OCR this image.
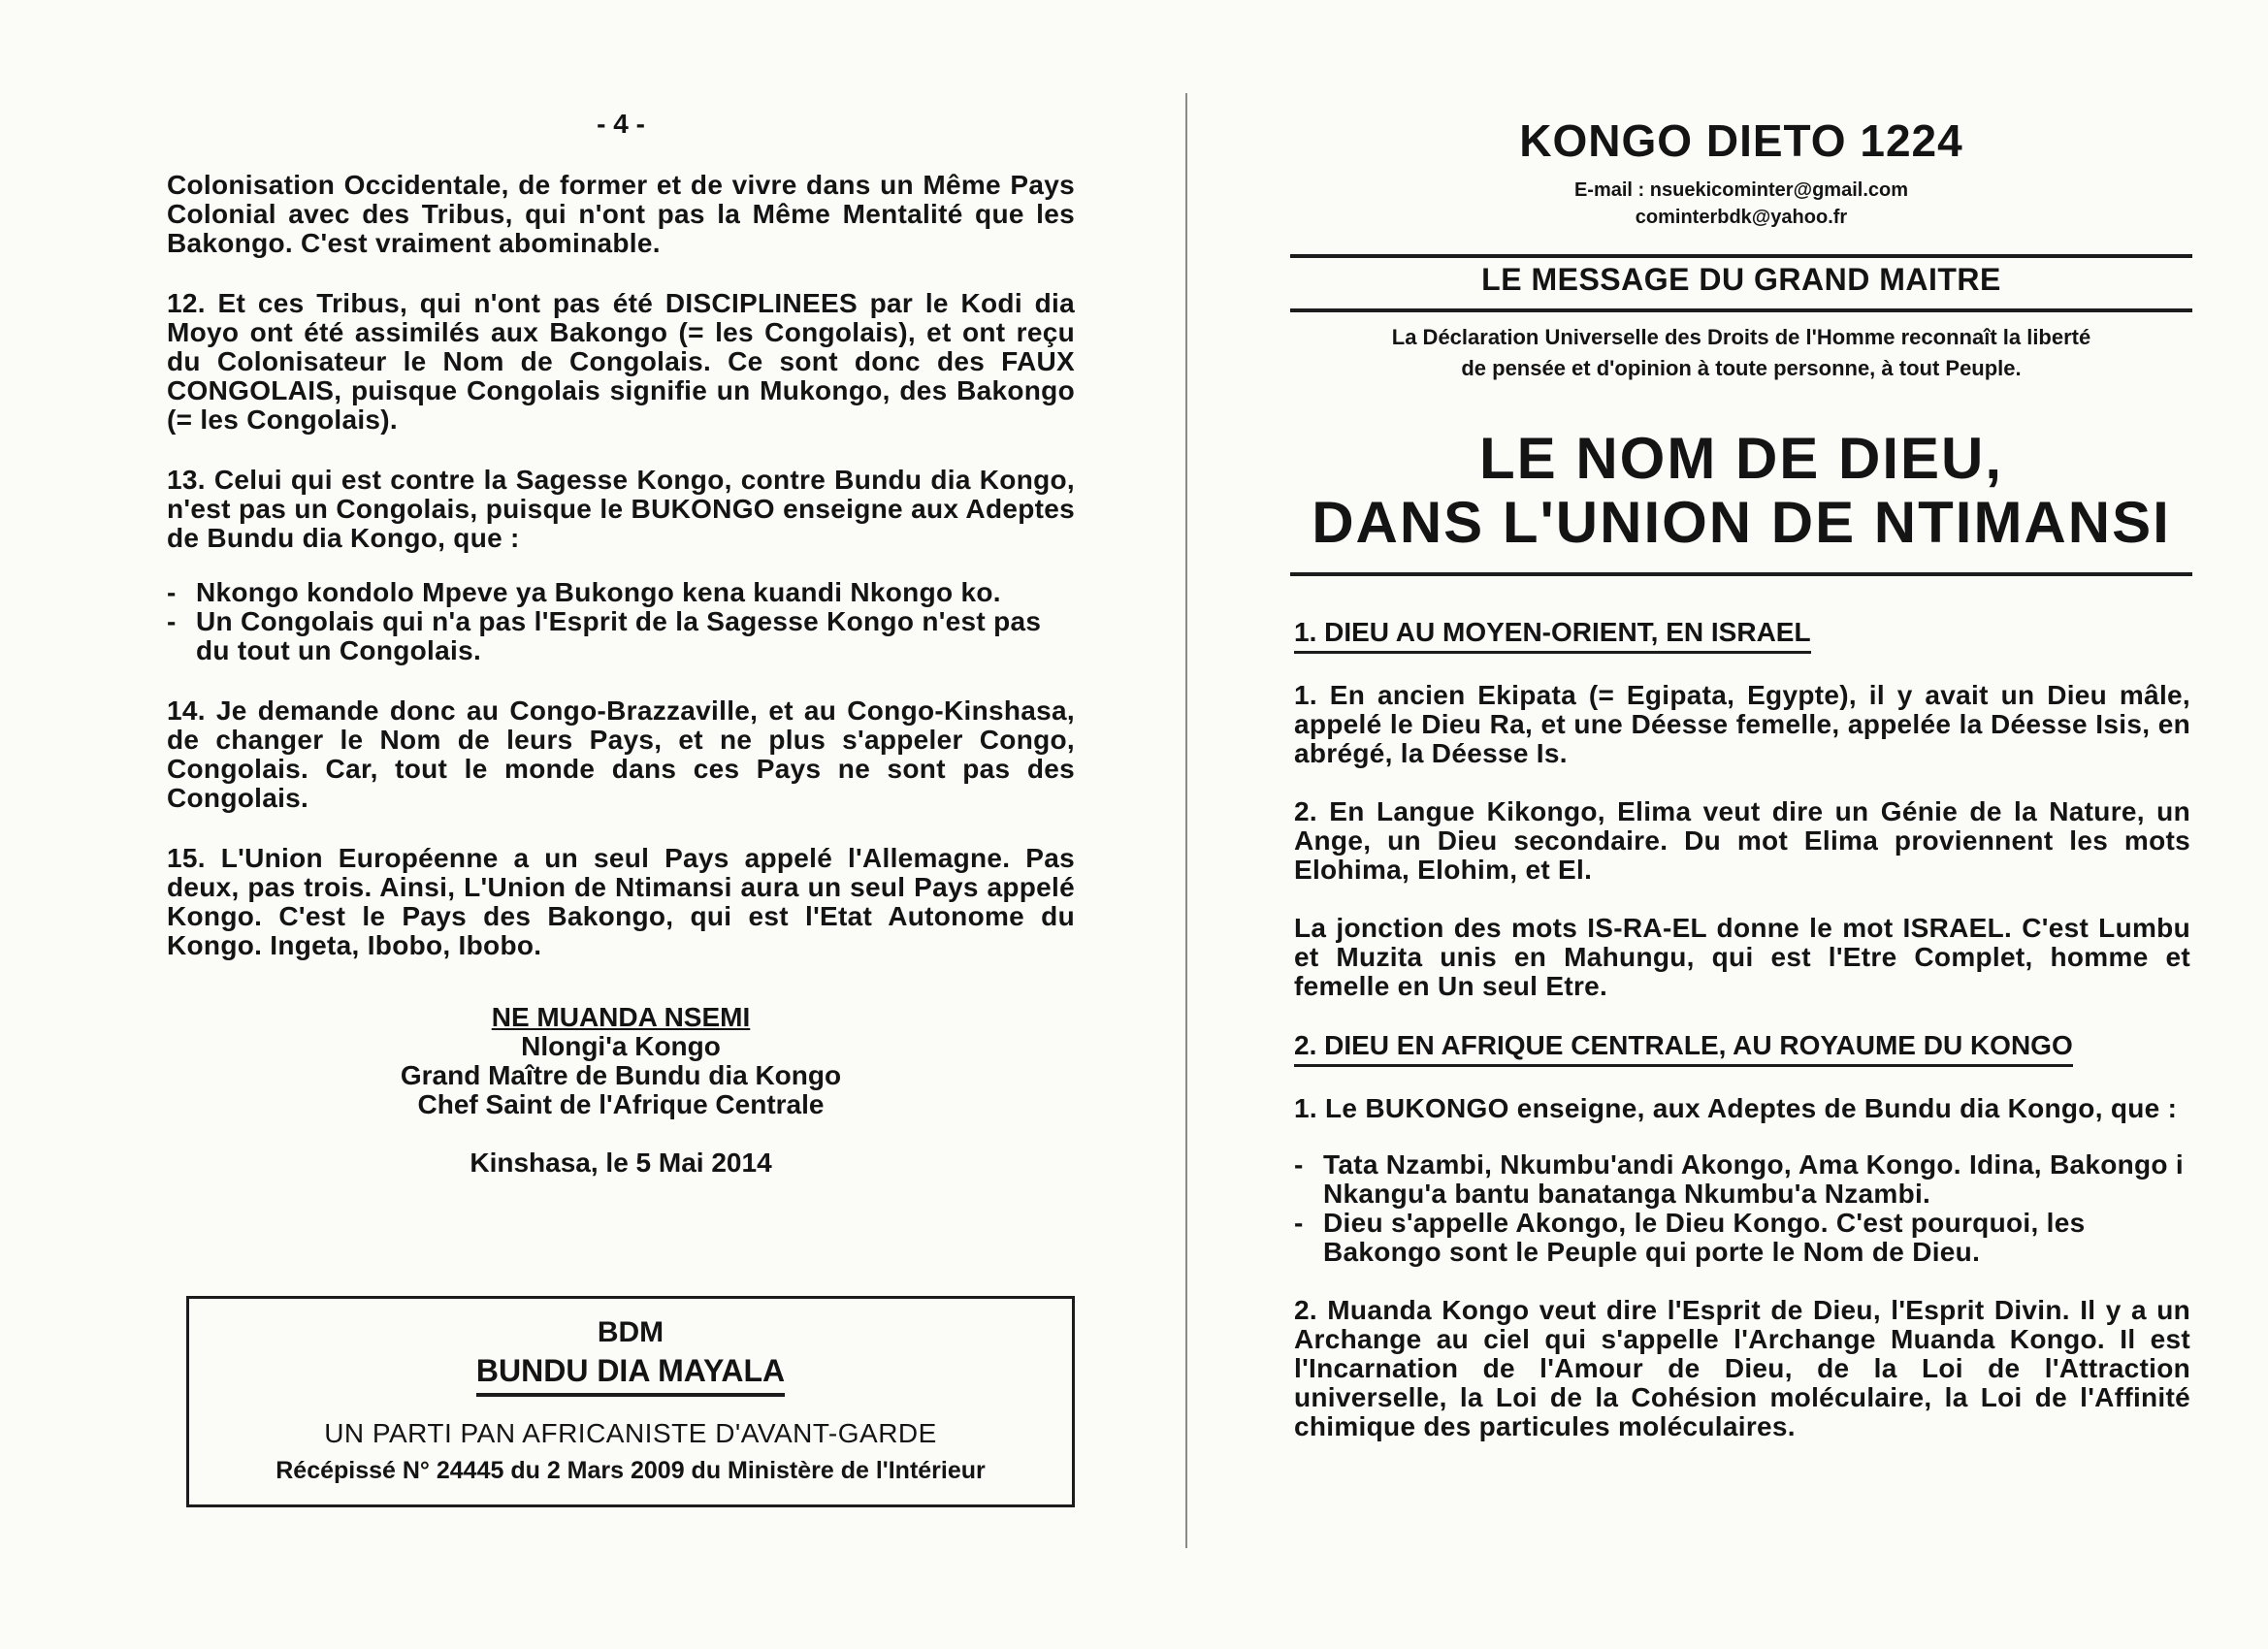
- 4 -

Colonisation Occidentale, de former et de vivre dans un Même Pays Colonial avec des Tribus, qui n'ont pas la Même Mentalité que les Bakongo. C'est vraiment abominable.

12. Et ces Tribus, qui n'ont pas été DISCIPLINEES par le Kodi dia Moyo ont été assimilés aux Bakongo (= les Congolais), et ont reçu du Colonisateur le Nom de Congolais. Ce sont donc des FAUX CONGOLAIS, puisque Congolais signifie un Mukongo, des Bakongo (= les Congolais).

13. Celui qui est contre la Sagesse Kongo, contre Bundu dia Kongo, n'est pas un Congolais, puisque le BUKONGO enseigne aux Adeptes de Bundu dia Kongo, que :

- Nkongo kondolo Mpeve ya Bukongo kena kuandi Nkongo ko.
- Un Congolais qui n'a pas l'Esprit de la Sagesse Kongo n'est pas du tout un Congolais.

14. Je demande donc au Congo-Brazzaville, et au Congo-Kinshasa, de changer le Nom de leurs Pays, et ne plus s'appeler Congo, Congolais. Car, tout le monde dans ces Pays ne sont pas des Congolais.

15. L'Union Européenne a un seul Pays appelé l'Allemagne. Pas deux, pas trois. Ainsi, L'Union de Ntimansi aura un seul Pays appelé Kongo. C'est le Pays des Bakongo, qui est l'Etat Autonome du Kongo. Ingeta, Ibobo, Ibobo.

NE MUANDA NSEMI
Nlongi'a Kongo
Grand Maître de Bundu dia Kongo
Chef Saint de l'Afrique Centrale
Kinshasa, le 5 Mai 2014
BDM
BUNDU DIA MAYALA
UN PARTI PAN AFRICANISTE D'AVANT-GARDE
Récépissé N° 24445 du 2 Mars 2009 du Ministère de l'Intérieur
KONGO DIETO 1224
E-mail : nsuekicominter@gmail.com
cominterbdk@yahoo.fr
LE MESSAGE DU GRAND MAITRE
La Déclaration Universelle des Droits de l'Homme reconnaît la liberté
de pensée et d'opinion à toute personne, à tout Peuple.
LE NOM DE DIEU,
DANS L'UNION DE NTIMANSI
1. DIEU AU MOYEN-ORIENT, EN ISRAEL

1. En ancien Ekipata (= Egipata, Egypte), il y avait un Dieu mâle, appelé le Dieu Ra, et une Déesse femelle, appelée la Déesse Isis, en abrégé, la Déesse Is.

2. En Langue Kikongo, Elima veut dire un Génie de la Nature, un Ange, un Dieu secondaire. Du mot Elima proviennent les mots Elohima, Elohim, et El.

La jonction des mots IS-RA-EL donne le mot ISRAEL. C'est Lumbu et Muzita unis en Mahungu, qui est l'Etre Complet, homme et femelle en Un seul Etre.

2. DIEU EN AFRIQUE CENTRALE, AU ROYAUME DU KONGO

1. Le BUKONGO enseigne, aux Adeptes de Bundu dia Kongo, que :

- Tata Nzambi, Nkumbu'andi Akongo, Ama Kongo. Idina, Bakongo i Nkangu'a bantu banatanga Nkumbu'a Nzambi.
- Dieu s'appelle Akongo, le Dieu Kongo. C'est pourquoi, les Bakongo sont le Peuple qui porte le Nom de Dieu.

2. Muanda Kongo veut dire l'Esprit de Dieu, l'Esprit Divin. Il y a un Archange au ciel qui s'appelle l'Archange Muanda Kongo. Il est l'Incarnation de l'Amour de Dieu, de la Loi de l'Attraction universelle, la Loi de la Cohésion moléculaire, la Loi de l'Affinité chimique des particules moléculaires.
